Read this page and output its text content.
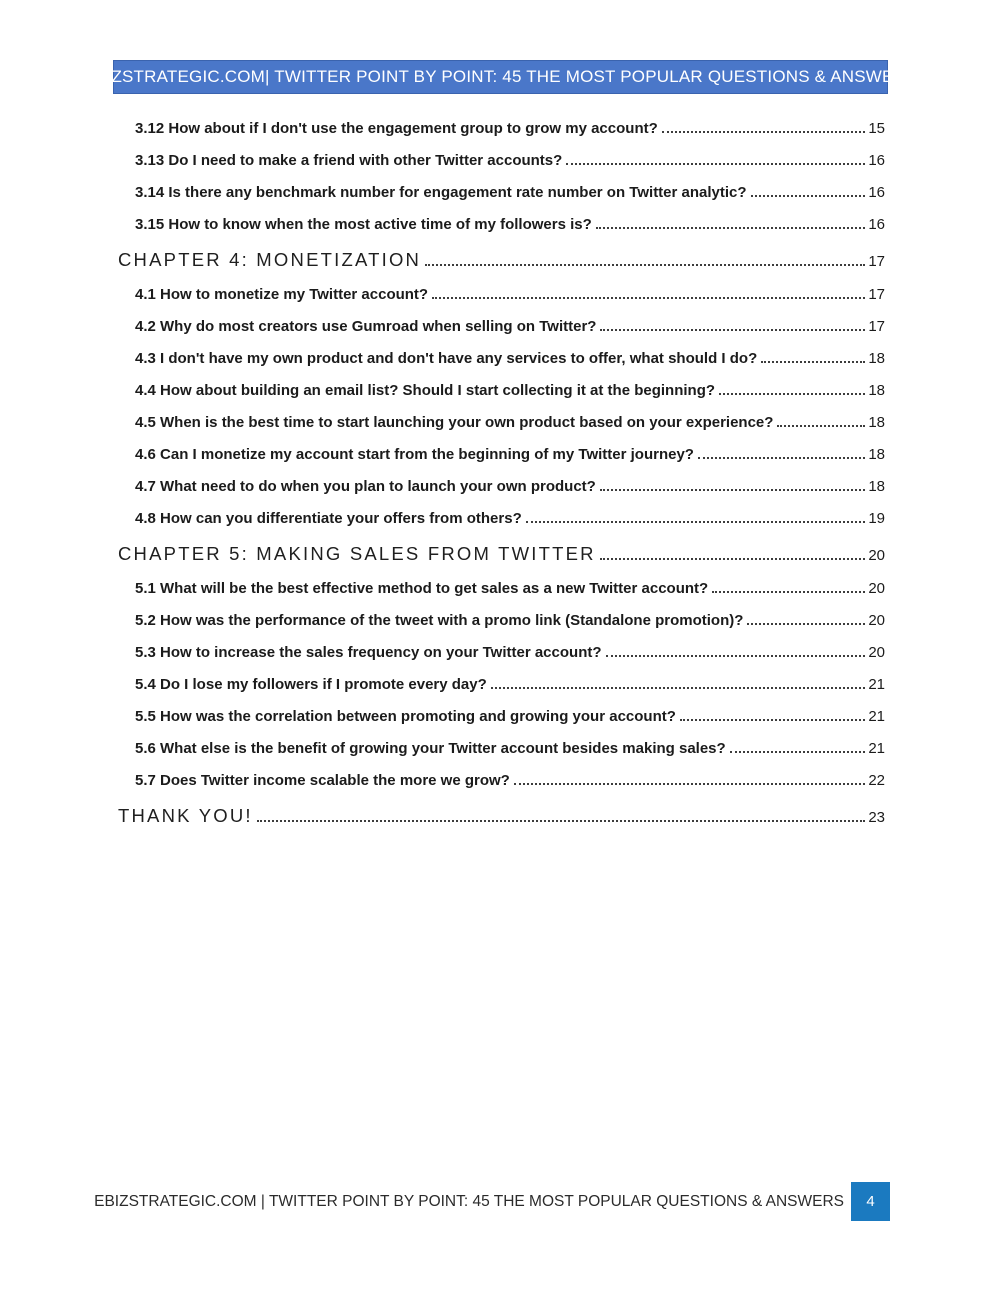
EBIZSTRATEGIC.COM| TWITTER POINT BY POINT: 45 THE MOST POPULAR QUESTIONS & ANSWERS
3.12 How about if I don't use the engagement group to grow my account?	15
3.13 Do I need to make a friend with other Twitter accounts?	16
3.14 Is there any benchmark number for engagement rate number on Twitter analytic?	16
3.15 How to know when the most active time of my followers is?	16
CHAPTER 4: MONETIZATION	17
4.1 How to monetize my Twitter account?	17
4.2 Why do most creators use Gumroad when selling on Twitter?	17
4.3 I don't have my own product and don't have any services to offer, what should I do?	18
4.4 How about building an email list? Should I start collecting it at the beginning?	18
4.5 When is the best time to start launching your own product based on your experience?	18
4.6 Can I monetize my account start from the beginning of my Twitter journey?	18
4.7 What need to do when you plan to launch your own product?	18
4.8 How can you differentiate your offers from others?	19
CHAPTER 5: MAKING SALES FROM TWITTER	20
5.1 What will be the best effective method to get sales as a new Twitter account?	20
5.2 How was the performance of the tweet with a promo link (Standalone promotion)?	20
5.3 How to increase the sales frequency on your Twitter account?	20
5.4 Do I lose my followers if I promote every day?	21
5.5 How was the correlation between promoting and growing your account?	21
5.6 What else is the benefit of growing your Twitter account besides making sales?	21
5.7 Does Twitter income scalable the more we grow?	22
THANK YOU!	23
EBIZSTRATEGIC.COM | TWITTER POINT BY POINT: 45 THE MOST POPULAR QUESTIONS & ANSWERS 4
